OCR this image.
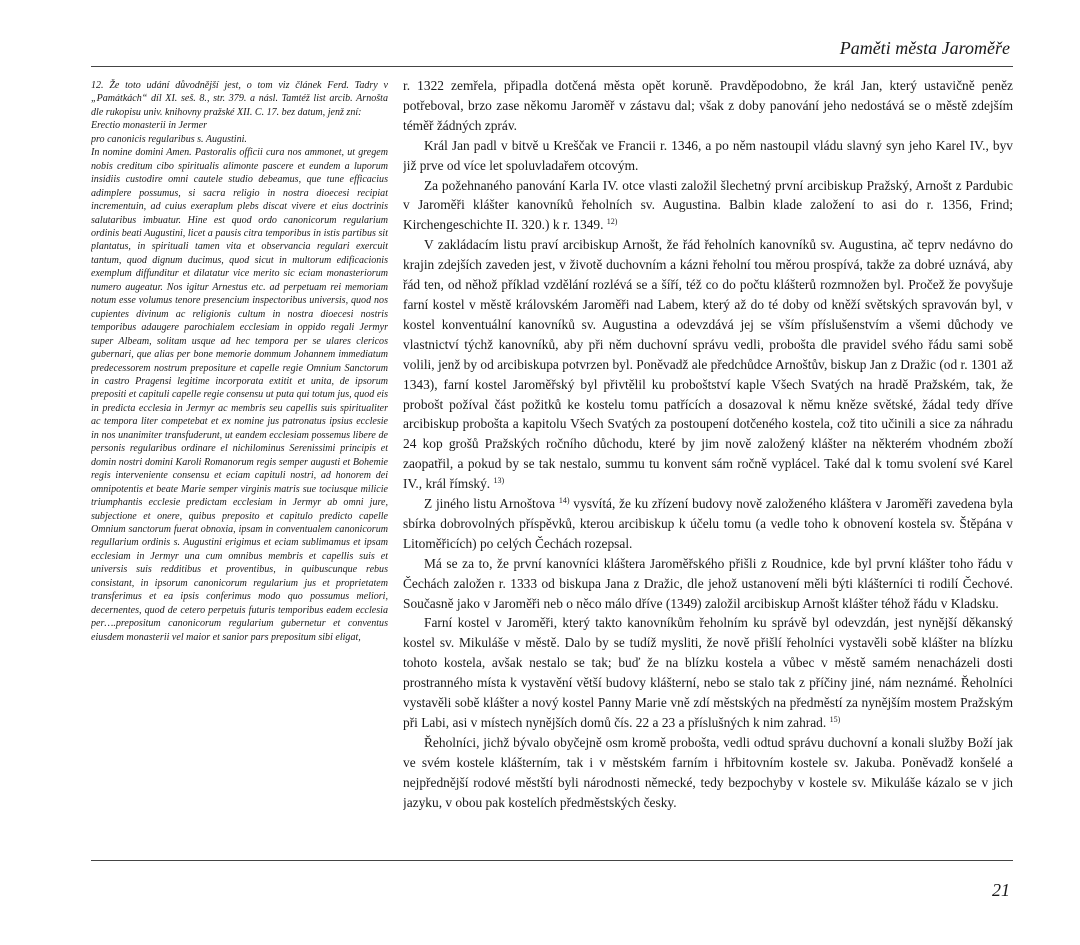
Paměti města Jaroměře

12. Že toto udání důvodnější jest, o tom viz článek Ferd. Tadry v „Památkách“ díl XI. seš. 8., str. 379. a násl. Tamtéž list arcib. Arnošta dle rukopisu univ. knihovny pražské XII. C. 17. bez datum, jenž zní:

Erectio monasterii in Jermer

pro canonicis regularibus s. Augustini.

In nomine domini Amen. Pastoralis officii cura nos ammonet, ut gregem nobis creditum cibo spiritualis alimonte pascere et eundem a luporum insidiis custodire omni cautele studio debeamus, que tune efficacius adimplere possumus, si sacra religio in nostra dioecesi recipiat incrementuin, ad cuius exeraplum plebs discat vivere et eius doctrinis salutaribus imbuatur. Hine est quod ordo canonicorum regularium ordinis beati Augustini, licet a pausis citra temporibus in istis partibus sit plantatus, in spirituali tamen vita et observancia regulari exercuit tantum, quod dignum ducimus, quod sicut in multorum edificacionis exemplum diffunditur et dilatatur vice merito sic eciam monasteriorum numero augeatur. Nos igitur Arnestus etc. ad perpetuam rei memoriam notum esse volumus tenore presencium inspectoribus universis, quod nos cupientes divinum ac religionis cultum in nostra dioecesi nostris temporibus adaugere parochialem ecclesiam in oppido regali Jermyr super Albeam, solitam usque ad hec tempora per se ulares clericos gubernari, que alias per bone memorie dommum Johannem immediatum predecessorem nostrum prepositure et capelle regie Omnium Sanctorum in castro Pragensi legitime incorporata extitit et unita, de ipsorum prepositi et capituli capelle regie consensu ut puta qui totum jus, quod eis in predicta ecclesia in Jermyr ac membris seu capellis suis spiritualiter ac tempora liter competebat et ex nomine jus patronatus ipsius ecclesie in nos unanimiter transfuderunt, ut eandem ecclesiam possemus libere de personis regularibus ordinare el nichilominus Serenissimi principis et domin nostri domini Karoli Romanorum regis semper augusti et Bohemie regis interveniente consensu et eciam capituli nostri, ad honorem dei omnipotentis et beate Marie semper virginis matris sue tociusque milicie triumphantis ecclesie predictam ecclesiam in Jermyr ab omni jure, subjectione et onere, quibus preposito et capitulo predicto capelle Omnium sanctorum fuerat obnoxia, ipsam in conventualem canonicorum regullarium ordinis s. Augustini erigimus et eciam sublimamus et ipsam ecclesiam in Jermyr una cum omnibus membris et capellis suis et universis suis redditibus et proventibus, in quibuscunque rebus consistant, in ipsorum canonicorum regularium jus et proprietatem transferimus et ea ipsis conferimus modo quo possumus meliori, decernentes, quod de cetero perpetuis futuris temporibus eadem ecclesia per….prepositum canonicorum regularium gubernetur et conventus eiusdem monasterii vel maior et sanior pars prepositum sibi eligat,

r. 1322 zemřela, připadla dotčená města opět koruně. Pravděpodobno, že král Jan, který ustavičně peněz potřeboval, brzo zase někomu Jaroměř v zástavu dal; však z doby panování jeho nedostává se o městě zdejším téměř žádných zpráv.

Král Jan padl v bitvě u Kreščak ve Francii r. 1346, a po něm nastoupil vládu slavný syn jeho Karel IV., byv již prve od více let spoluvladařem otcovým.

Za požehnaného panování Karla IV. otce vlasti založil šlechetný první arcibiskup Pražský, Arnošt z Pardubic v Jaroměři klášter kanovníků řeholních sv. Augustina. Balbin klade založení to asi do r. 1356, Frind; Kirchengeschichte II. 320.) k r. 1349. $^{12)}$

V zakládacím listu praví arcibiskup Arnošt, že řád řeholních kanovníků sv. Augustina, ač teprv nedávno do krajin zdejších zaveden jest, v životě duchovním a kázni řeholní tou měrou prospívá, takže za dobré uznává, aby řád ten, od něhož příklad vzdělání rozlévá se a šíří, též co do počtu klášterů rozmnožen byl. Pročež že povyšuje farní kostel v městě královském Jaroměři nad Labem, který až do té doby od kněží světských spravován byl, v kostel konventuální kanovníků sv. Augustina a odevzdává jej se vším příslušenstvím a všemi důchody ve vlastnictví týchž kanovníků, aby při něm duchovní správu vedli, probošta dle pravidel svého řádu sami sobě volili, jenž by od arcibiskupa potvrzen byl. Poněvadž ale předchůdce Arnoštův, biskup Jan z Dražic (od r. 1301 až 1343), farní kostel Jaroměřský byl přivtělil ku proboštství kaple Všech Svatých na hradě Pražském, tak, že probošt požíval část požitků ke kostelu tomu patřících a dosazoval k němu kněze světské, žádal tedy dříve arcibiskup probošta a kapitolu Všech Svatých za postoupení dotčeného kostela, což tito učinili a sice za náhradu 24 kop grošů Pražských ročního důchodu, které by jim nově založený klášter na některém vhodném zboží zaopatřil, a pokud by se tak nestalo, summu tu konvent sám ročně vyplácel. Také dal k tomu svolení své Karel IV., král římský. $^{13)}$

Z jiného listu Arnoštova $^{14)}$ vysvítá, že ku zřízení budovy nově založeného kláštera v Jaroměři zavedena byla sbírka dobrovolných příspěvků, kterou arcibiskup k účelu tomu (a vedle toho k obnovení kostela sv. Štěpána v Litoměřicích) po celých Čechách rozepsal.

Má se za to, že první kanovníci kláštera Jaroměřského přišli z Roudnice, kde byl první klášter toho řádu v Čechách založen r. 1333 od biskupa Jana z Dražic, dle jehož ustanovení měli býti klášterníci ti rodilí Čechové. Současně jako v Jaroměři neb o něco málo dříve (1349) založil arcibiskup Arnošt klášter téhož řádu v Kladsku.

Farní kostel v Jaroměři, který takto kanovníkům řeholním ku správě byl odevzdán, jest nynější děkanský kostel sv. Mikuláše v městě. Dalo by se tudíž mysliti, že nově přišlí řeholníci vystavěli sobě klášter na blízku tohoto kostela, avšak nestalo se tak; buď že na blízku kostela a vůbec v městě samém nenacházeli dosti prostranného místa k vystavění větší budovy klášterní, nebo se stalo tak z příčiny jiné, nám neznámé. Řeholníci vystavěli sobě klášter a nový kostel Panny Marie vně zdí městských na předměstí za nynějším mostem Pražským při Labi, asi v místech nynějších domů čís. 22 a 23 a příslušných k nim zahrad. $^{15)}$

Řeholníci, jichž bývalo obyčejně osm kromě probošta, vedli odtud správu duchovní a konali služby Boží jak ve svém kostele klášterním, tak i v městském farním i hřbitovním kostele sv. Jakuba. Poněvadž konšelé a nejpřednější rodové městští byli národnosti německé, tedy bezpochyby v kostele sv. Mikuláše kázalo se v jich jazyku, v obou pak kostelích předměstských česky.

21
